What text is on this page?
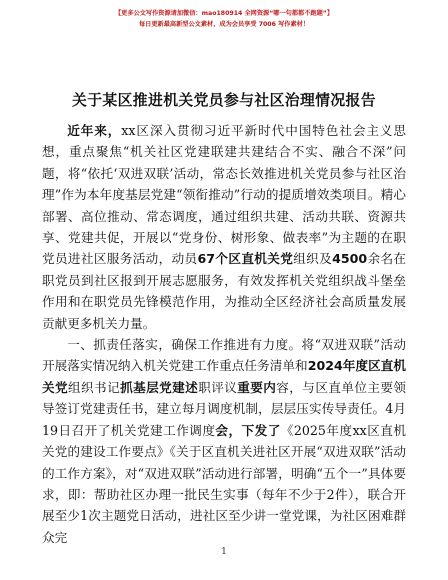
【更多公文写作资源请加微信：mao180914 全网资源“哪一句都都不跑题”】
每日更新最高新型公文素材，成为会员享受 7006 写作素材！
关于某区推进机关党员参与社区治理情况报告

近年来，xx区深入贯彻习近平新时代中国特色社会主义思想，重点聚焦“机关社区党建联建共建结合不实、融合不深”问题，将“依托‘双进双联’活动，常态长效推进机关党员参与社区治理”作为本年度基层党建“领衔推动”行动的提质增效类项目。精心部署、高位推动、常态调度，通过组织共建、活动共联、资源共享、党建共促，开展以“党身份、树形象、做表率”为主题的在职党员进社区服务活动，动员67个区直机关党组织及4500余名在职党员到社区报到开展志愿服务，有效发挥机关党组织战斗堡垒作用和在职党员先锋模范作用，为推动全区经济社会高质量发展贡献更多机关力量。

一、抓责任落实，确保工作推进有力度。将“双进双联”活动开展落实情况纳入机关党建工作重点任务清单和2024年度区直机关党组织书记抓基层党建述职评议重要内容，与区直单位主要领导签订党建责任书，建立每月调度机制，层层压实传导责任。4月19日召开了机关党建工作调度会，下发了《2025年度xx区直机关党的建设工作要点》《关于区直机关进社区开展“双进双联”活动的工作方案》，对“双进双联”活动进行部署，明确“五个一”具体要求，即：帮助社区办理一批民生实事（每年不少于2件），联合开展至少1次主题党日活动，进社区至少讲一堂党课，为社区困难群众完

1
